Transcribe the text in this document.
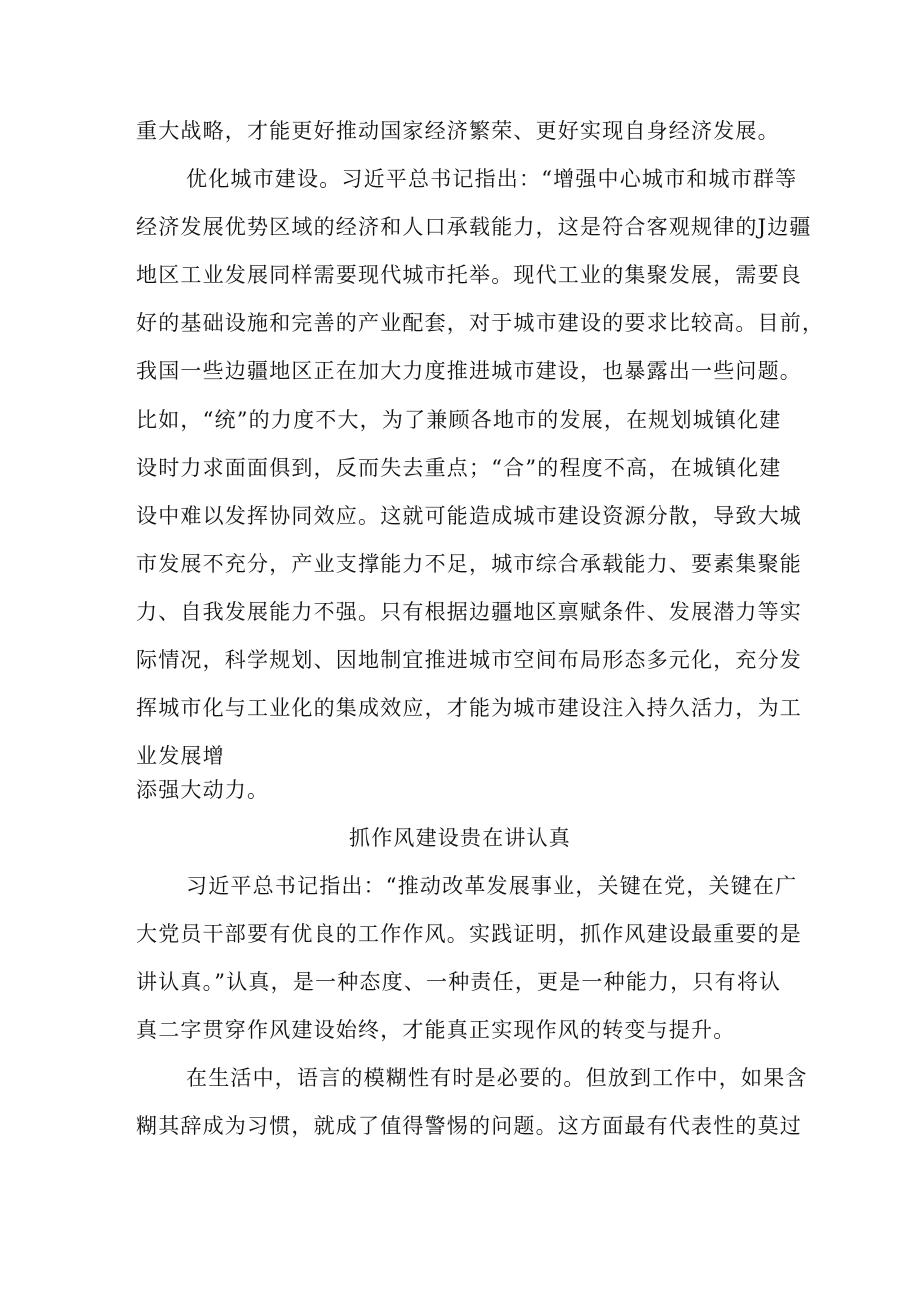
重大战略，才能更好推动国家经济繁荣、更好实现自身经济发展。
优化城市建设。习近平总书记指出：“增强中心城市和城市群等
经济发展优势区域的经济和人口承载能力，这是符合客观规律的J边疆
地区工业发展同样需要现代城市托举。现代工业的集聚发展，需要良
好的基础设施和完善的产业配套，对于城市建设的要求比较高。目前，
我国一些边疆地区正在加大力度推进城市建设，也暴露出一些问题。
比如，“统”的力度不大，为了兼顾各地市的发展，在规划城镇化建
设时力求面面俱到，反而失去重点；“合”的程度不高，在城镇化建
设中难以发挥协同效应。这就可能造成城市建设资源分散，导致大城
市发展不充分，产业支撑能力不足，城市综合承载能力、要素集聚能
力、自我发展能力不强。只有根据边疆地区禀赋条件、发展潜力等实
际情况，科学规划、因地制宜推进城市空间布局形态多元化，充分发
挥城市化与工业化的集成效应，才能为城市建设注入持久活力，为工
业发展增
添强大动力。
抓作风建设贵在讲认真
习近平总书记指出：“推动改革发展事业，关键在党，关键在广
大党员干部要有优良的工作作风。实践证明，抓作风建设最重要的是
讲认真。”认真，是一种态度、一种责任，更是一种能力，只有将认
真二字贯穿作风建设始终，才能真正实现作风的转变与提升。
在生活中，语言的模糊性有时是必要的。但放到工作中，如果含
糊其辞成为习惯，就成了值得警惕的问题。这方面最有代表性的莫过
